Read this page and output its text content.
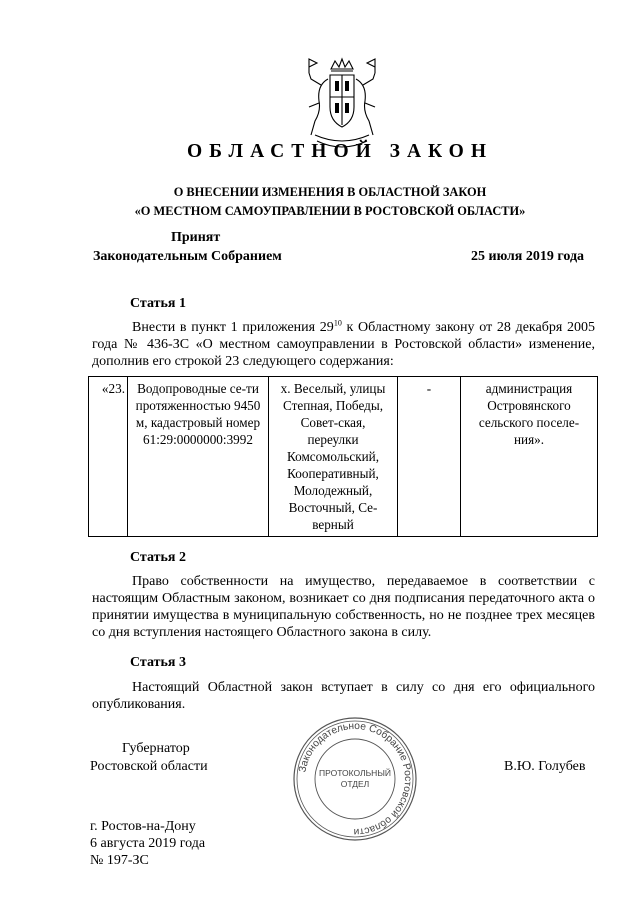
ОБЛАСТНОЙ ЗАКОН
О ВНЕСЕНИИ ИЗМЕНЕНИЯ В ОБЛАСТНОЙ ЗАКОН
«О МЕСТНОМ САМОУПРАВЛЕНИИ В РОСТОВСКОЙ ОБЛАСТИ»
Принят
Законодательным Собранием	25 июля 2019 года
Статья 1
Внести в пункт 1 приложения $29^{10}$ к Областному закону от 28 декабря 2005 года № 436-ЗС «О местном самоуправлении в Ростовской области» изменение, дополнив его строкой 23 следующего содержания:
«23.	Водопроводные се-ти протяженностью 9450 м, кадастровый номер 61:29:0000000:3992	х. Веселый, улицы Степная, Победы, Совет-ская, переулки Комсомольский, Кооперативный, Молодежный, Восточный, Се-верный	-	администрация Островянского сельского поселе-ния».
Статья 2
Право собственности на имущество, передаваемое в соответствии с настоящим Областным законом, возникает со дня подписания передаточного акта о принятии имущества в муниципальную собственность, но не позднее трех месяцев со дня вступления настоящего Областного закона в силу.
Статья 3
Настоящий Областной закон вступает в силу со дня его официального опубликования.
Губернатор
Ростовской области	В.Ю. Голубев
Законодательное Собрание Ростовской области
ПРОТОКОЛЬНЫЙ
ОТДЕЛ
г. Ростов-на-Дону
6 августа 2019 года
№ 197-ЗС
